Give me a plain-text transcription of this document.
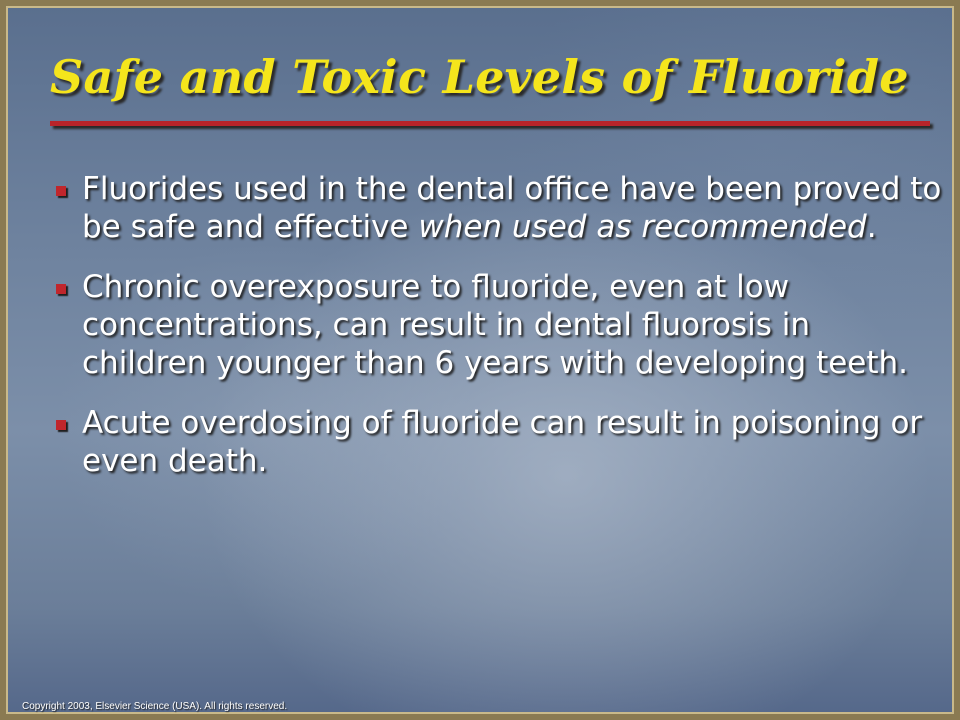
Safe and Toxic Levels of Fluoride
Fluorides used in the dental office have been proved to be safe and effective when used as recommended.
Chronic overexposure to fluoride, even at low concentrations, can result in dental fluorosis in children younger than 6 years with developing teeth.
Acute overdosing of fluoride can result in poisoning or even death.
Copyright 2003, Elsevier Science (USA). All rights reserved.
